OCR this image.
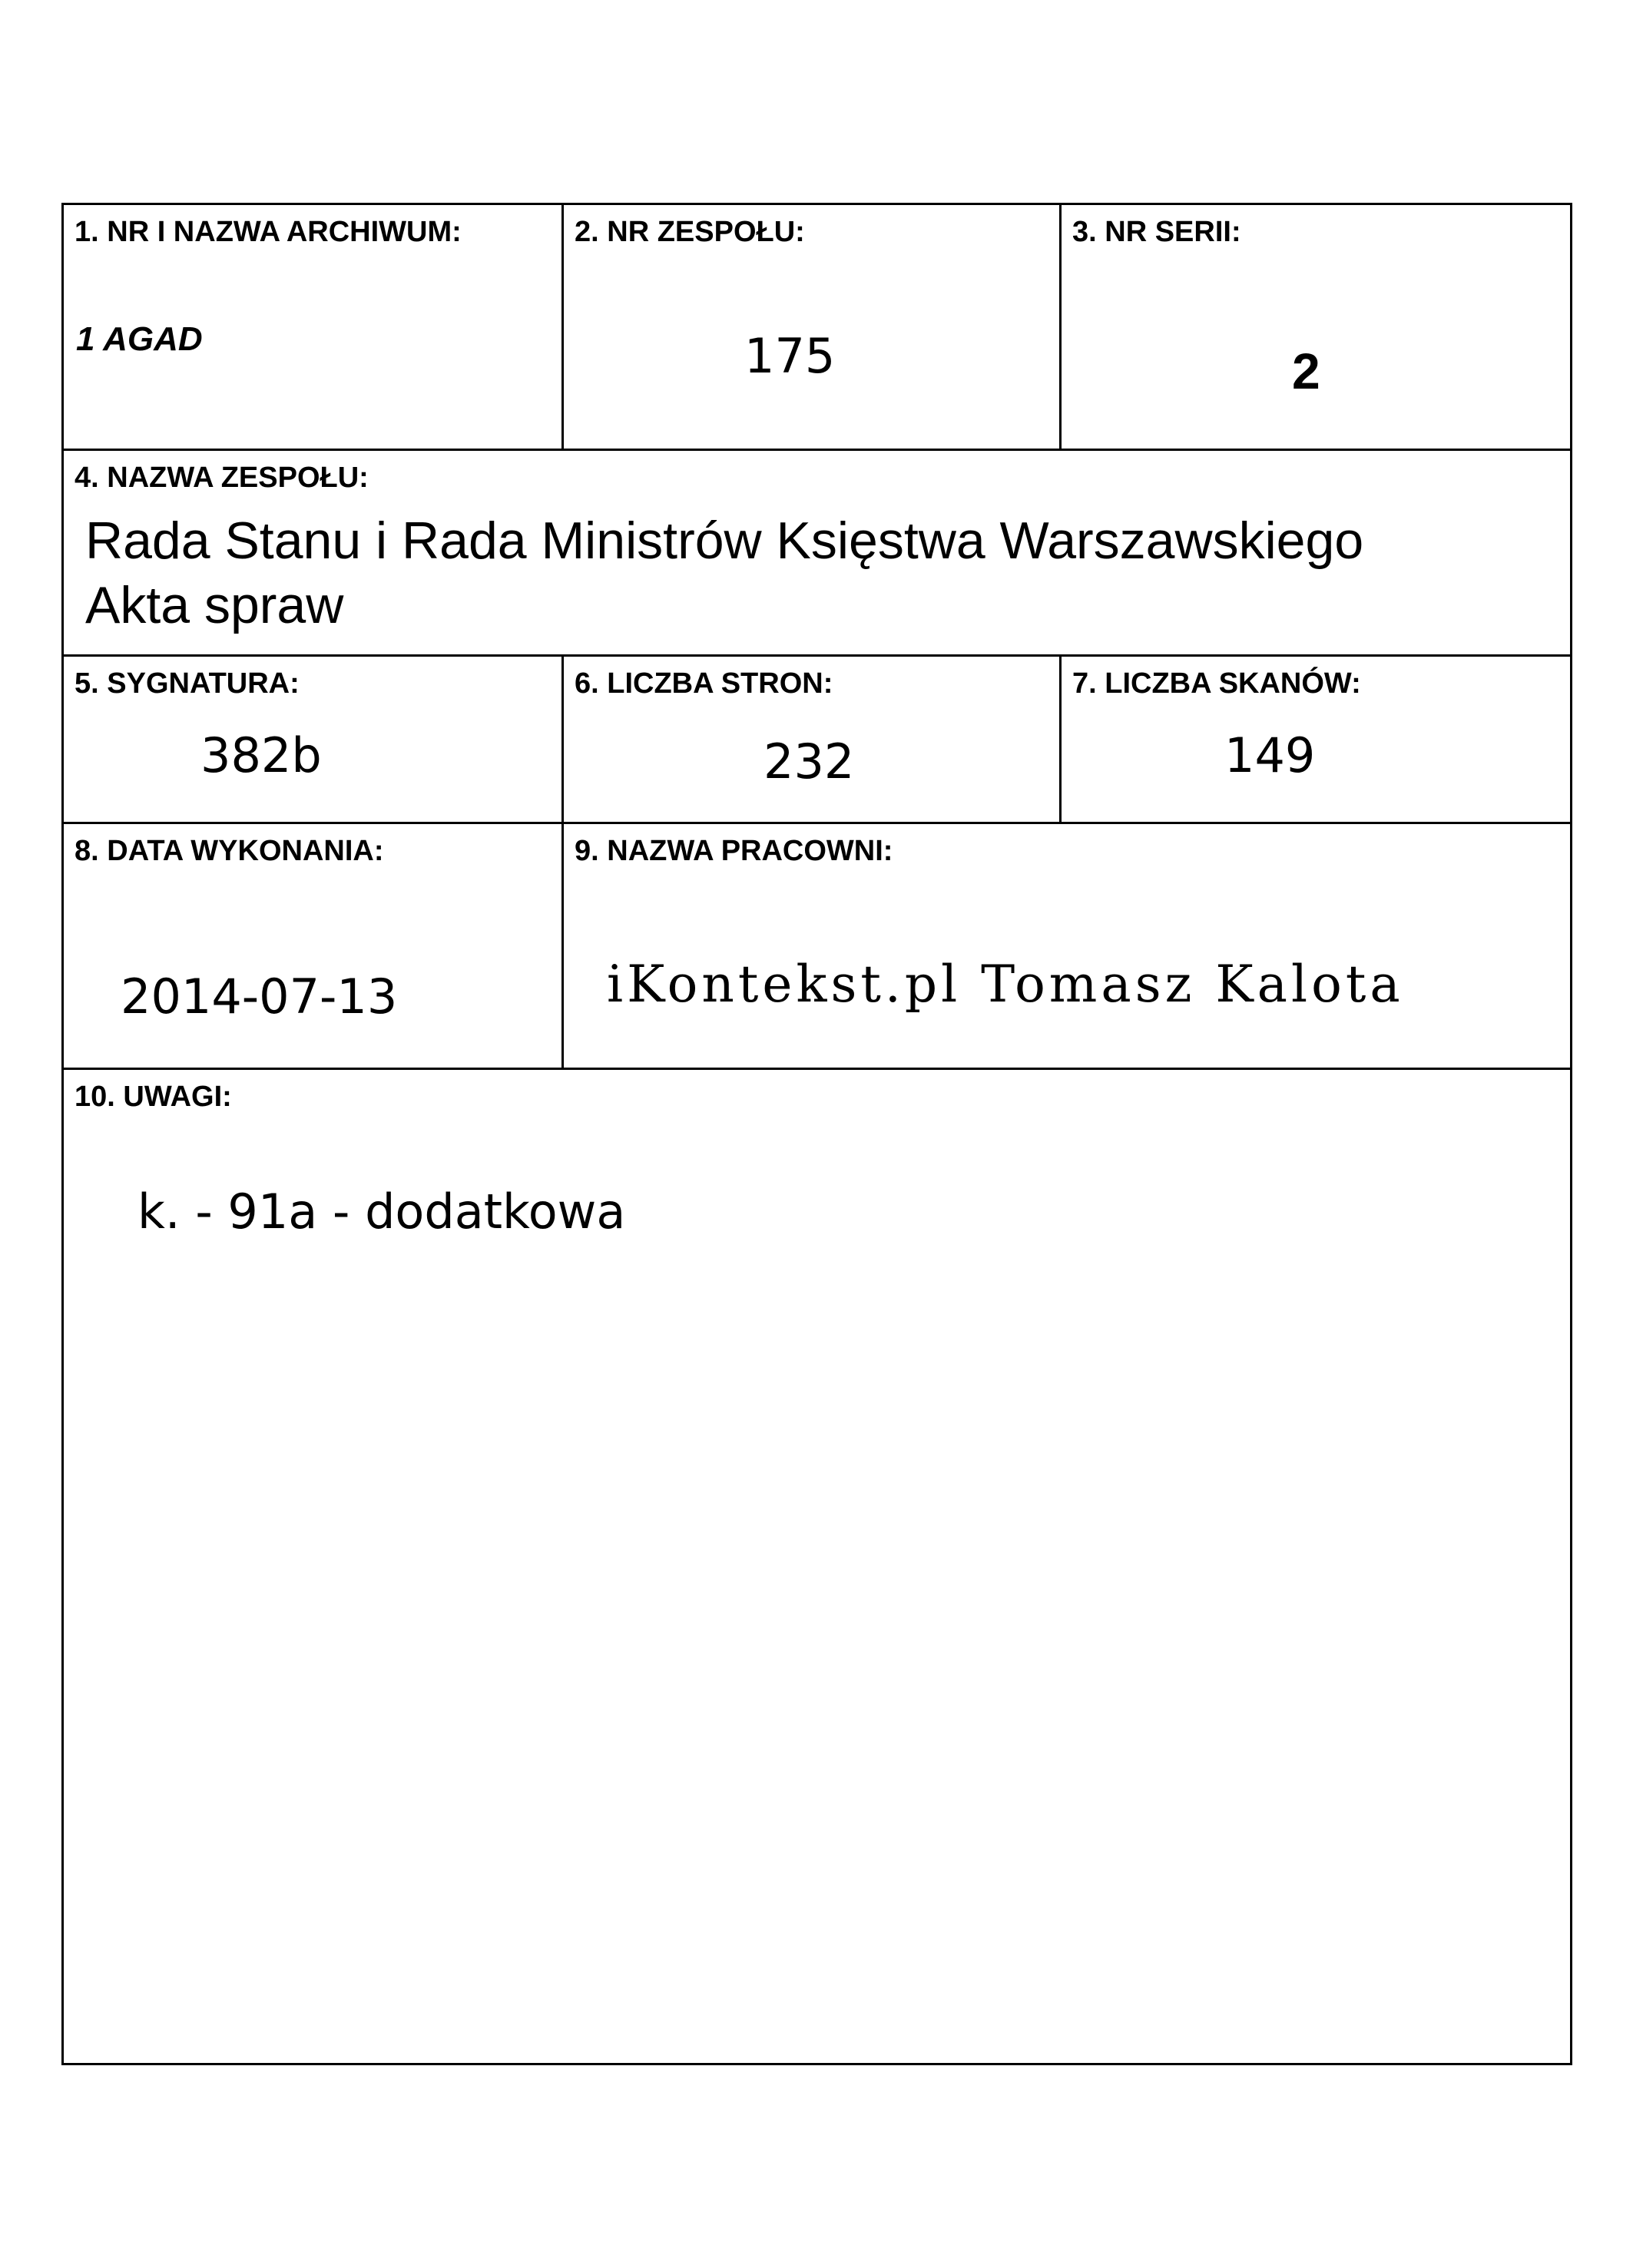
1. NR I NAZWA ARCHIWUM:
1 AGAD
2. NR ZESPOŁU:
175
3. NR SERII:
2
4. NAZWA ZESPOŁU:
Rada Stanu i Rada Ministrów Księstwa Warszawskiego
Akta spraw
5. SYGNATURA:
382b
6. LICZBA STRON:
232
7. LICZBA SKANÓW:
149
8. DATA WYKONANIA:
2014-07-13
9. NAZWA PRACOWNI:
iKontekst.pl Tomasz Kalota
10. UWAGI:
k. - 91a - dodatkowa
